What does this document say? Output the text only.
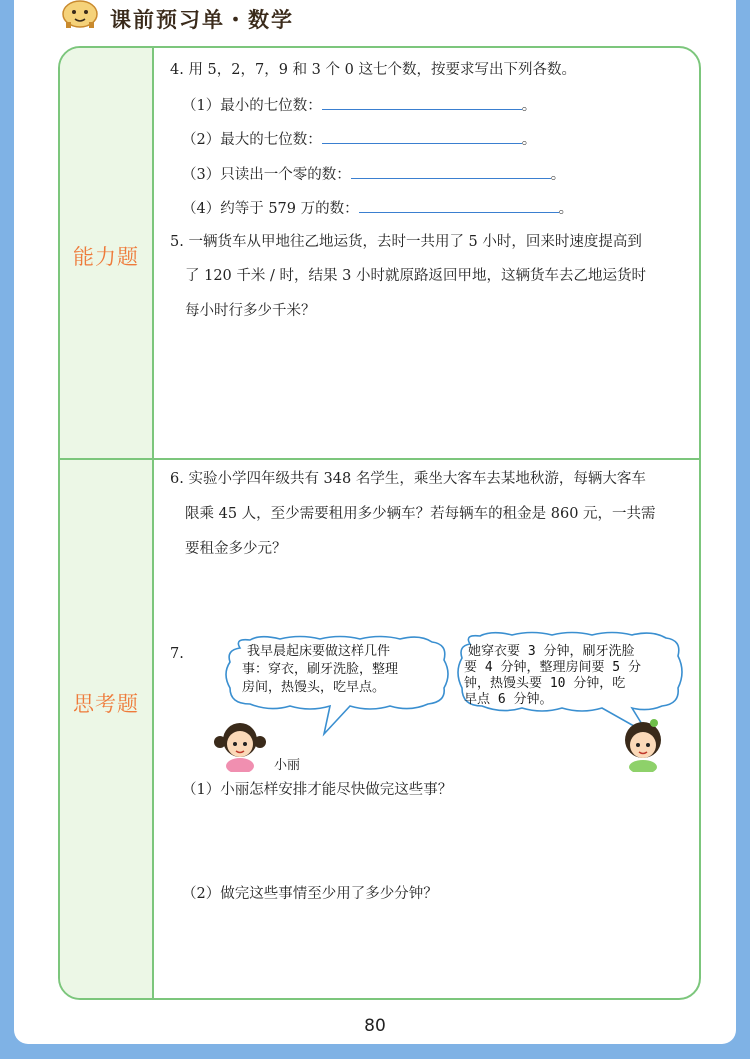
课前预习单・数学
能力题
思考题
4. 用 5，2，7，9 和 3 个 0 这七个数，按要求写出下列各数。
（1）最小的七位数：	。
（2）最大的七位数：	。
（3）只读出一个零的数：	。
（4）约等于 579 万的数：	。
5. 一辆货车从甲地往乙地运货，去时一共用了 5 小时，回来时速度提高到
了 120 千米 / 时，结果 3 小时就原路返回甲地，这辆货车去乙地运货时
每小时行多少千米？
6. 实验小学四年级共有 348 名学生，乘坐大客车去某地秋游，每辆大客车
限乘 45 人，至少需要租用多少辆车？若每辆车的租金是 860 元，一共需
要租金多少元？
7.	我早晨起床要做这样几件
事：穿衣，刷牙洗脸，整理
房间，热馒头，吃早点。
她穿衣要 3 分钟，刷牙洗脸
要 4 分钟，整理房间要 5 分
钟，热馒头要 10 分钟，吃
早点 6 分钟。
小丽
（1）小丽怎样安排才能尽快做完这些事？
（2）做完这些事情至少用了多少分钟？
80
